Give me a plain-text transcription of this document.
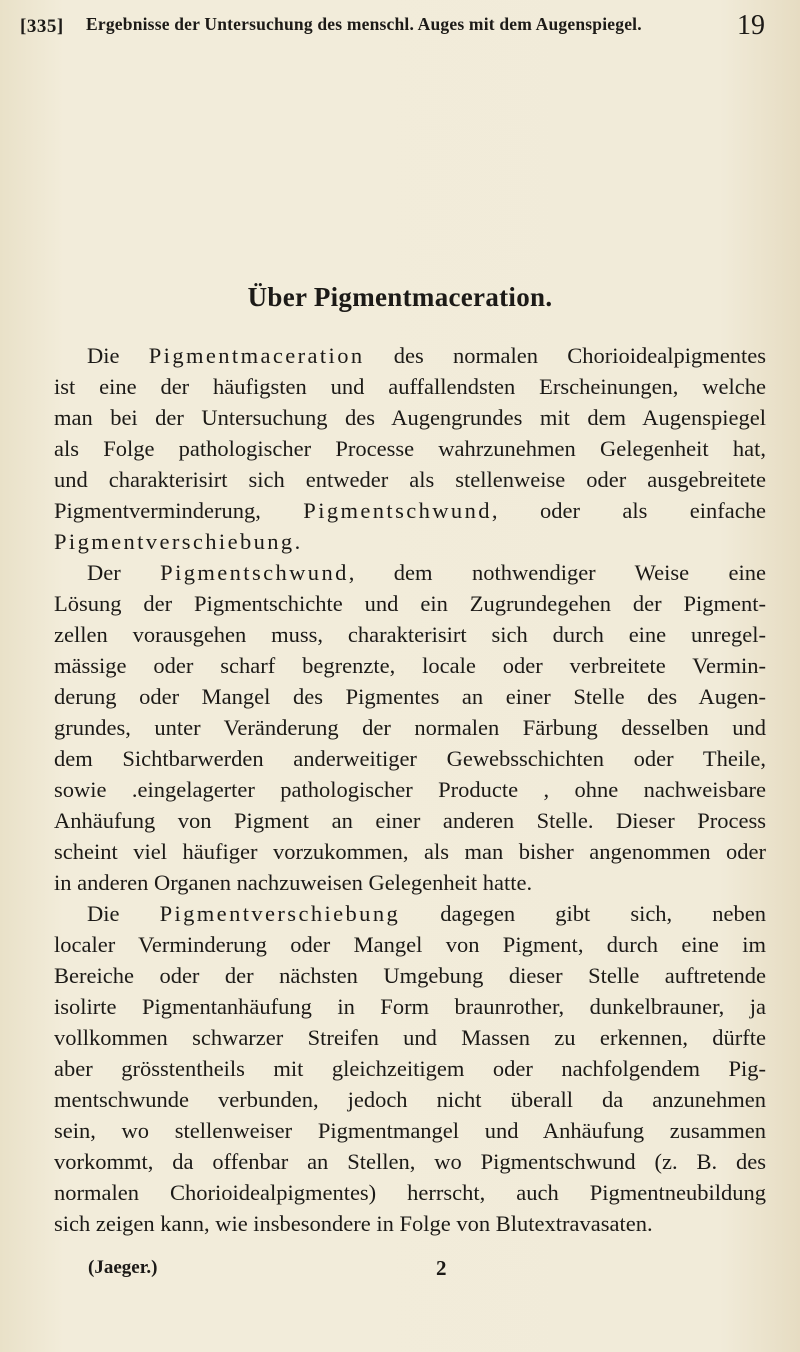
[335] Ergebnisse der Untersuchung des menschl. Auges mit dem Augenspiegel.	19
Über Pigmentmaceration.
Die Pigmentmaceration des normalen Chorioidealpigmentes
ist eine der häufigsten und auffallendsten Erscheinungen, welche
man bei der Untersuchung des Augengrundes mit dem Augenspiegel
als Folge pathologischer Processe wahrzunehmen Gelegenheit hat,
und charakterisirt sich entweder als stellenweise oder ausgebreitete
Pigmentverminderung, Pigmentschwund, oder als einfache
Pigmentverschiebung.
Der Pigmentschwund, dem nothwendiger Weise eine
Lösung der Pigmentschichte und ein Zugrundegehen der Pigment-
zellen vorausgehen muss, charakterisirt sich durch eine unregel-
mässige oder scharf begrenzte, locale oder verbreitete Vermin-
derung oder Mangel des Pigmentes an einer Stelle des Augen-
grundes, unter Veränderung der normalen Färbung desselben und
dem Sichtbarwerden anderweitiger Gewebsschichten oder Theile,
sowie .eingelagerter pathologischer Producte , ohne nachweisbare
Anhäufung von Pigment an einer anderen Stelle. Dieser Process
scheint viel häufiger vorzukommen, als man bisher angenommen oder
in anderen Organen nachzuweisen Gelegenheit hatte.
Die Pigmentverschiebung dagegen gibt sich, neben
localer Verminderung oder Mangel von Pigment, durch eine im
Bereiche oder der nächsten Umgebung dieser Stelle auftretende
isolirte Pigmentanhäufung in Form braunrother, dunkelbrauner, ja
vollkommen schwarzer Streifen und Massen zu erkennen, dürfte
aber grösstentheils mit gleichzeitigem oder nachfolgendem Pig-
mentschwunde verbunden, jedoch nicht überall da anzunehmen
sein, wo stellenweiser Pigmentmangel und Anhäufung zusammen
vorkommt, da offenbar an Stellen, wo Pigmentschwund (z. B. des
normalen Chorioidealpigmentes) herrscht, auch Pigmentneubildung
sich zeigen kann, wie insbesondere in Folge von Blutextravasaten.
(Jaeger.)	2
